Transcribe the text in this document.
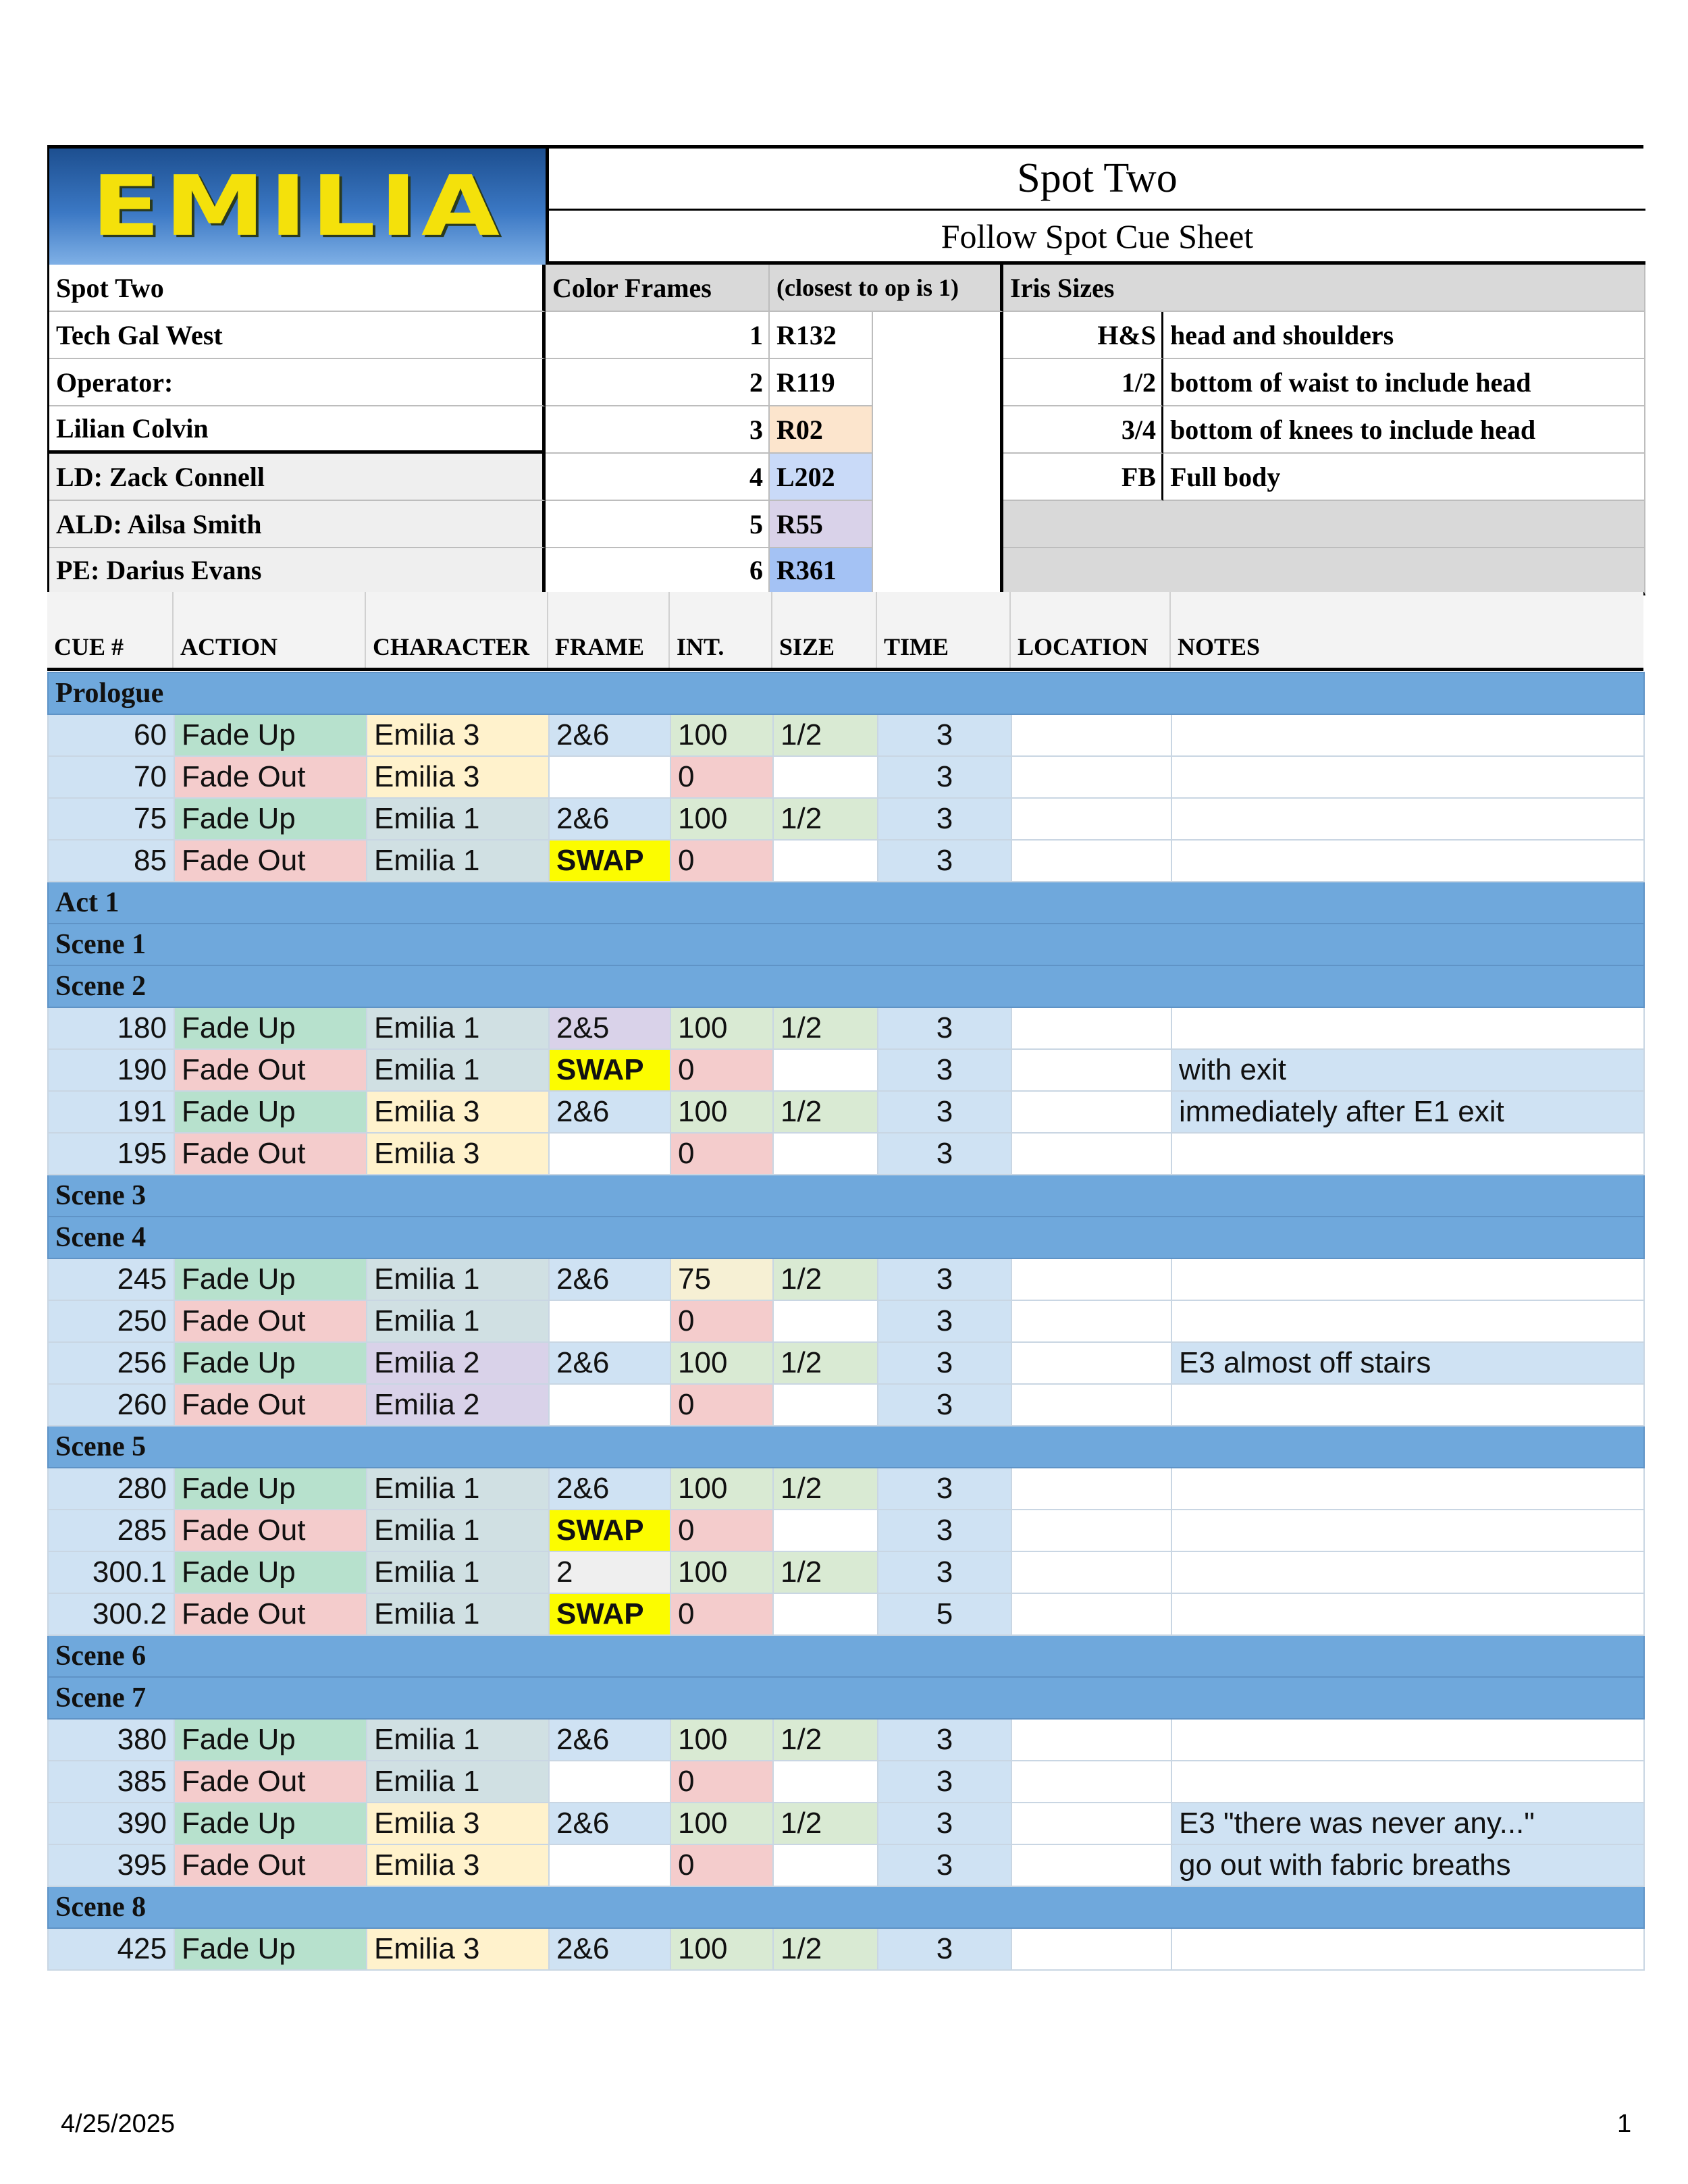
EMILIA	Spot Two
Follow Spot Cue Sheet
Spot Two
Tech Gal West
Operator:
Lilian Colvin
LD: Zack Connell
ALD: Ailsa Smith
PE: Darius Evans
Color Frames	(closest to op is 1)
1 R132
2 R119
3 R02
4 L202
5 R55
6 R361
Iris Sizes
H&S head and shoulders
1/2 bottom of waist to include head
3/4 bottom of knees to include head
FB Full body
CUE #	ACTION	CHARACTER	FRAME	INT.	SIZE	TIME	LOCATION	NOTES
Prologue								
60	Fade Up	Emilia 3	2&6	100	1/2	3		
70	Fade Out	Emilia 3		0		3		
75	Fade Up	Emilia 1	2&6	100	1/2	3		
85	Fade Out	Emilia 1	SWAP	0		3		
Act 1								
Scene 1								
Scene 2								
180	Fade Up	Emilia 1	2&5	100	1/2	3		
190	Fade Out	Emilia 1	SWAP	0		3		with exit
191	Fade Up	Emilia 3	2&6	100	1/2	3		immediately after E1 exit
195	Fade Out	Emilia 3		0		3		
Scene 3								
Scene 4								
245	Fade Up	Emilia 1	2&6	75	1/2	3		
250	Fade Out	Emilia 1		0		3		
256	Fade Up	Emilia 2	2&6	100	1/2	3		E3 almost off stairs
260	Fade Out	Emilia 2		0		3		
Scene 5								
280	Fade Up	Emilia 1	2&6	100	1/2	3		
285	Fade Out	Emilia 1	SWAP	0		3		
300.1	Fade Up	Emilia 1	2	100	1/2	3		
300.2	Fade Out	Emilia 1	SWAP	0		5		
Scene 6								
Scene 7								
380	Fade Up	Emilia 1	2&6	100	1/2	3		
385	Fade Out	Emilia 1		0		3		
390	Fade Up	Emilia 3	2&6	100	1/2	3		E3 "there was never any..."
395	Fade Out	Emilia 3		0		3		go out with fabric breaths
Scene 8								
425	Fade Up	Emilia 3	2&6	100	1/2	3		
4/25/2025	1
